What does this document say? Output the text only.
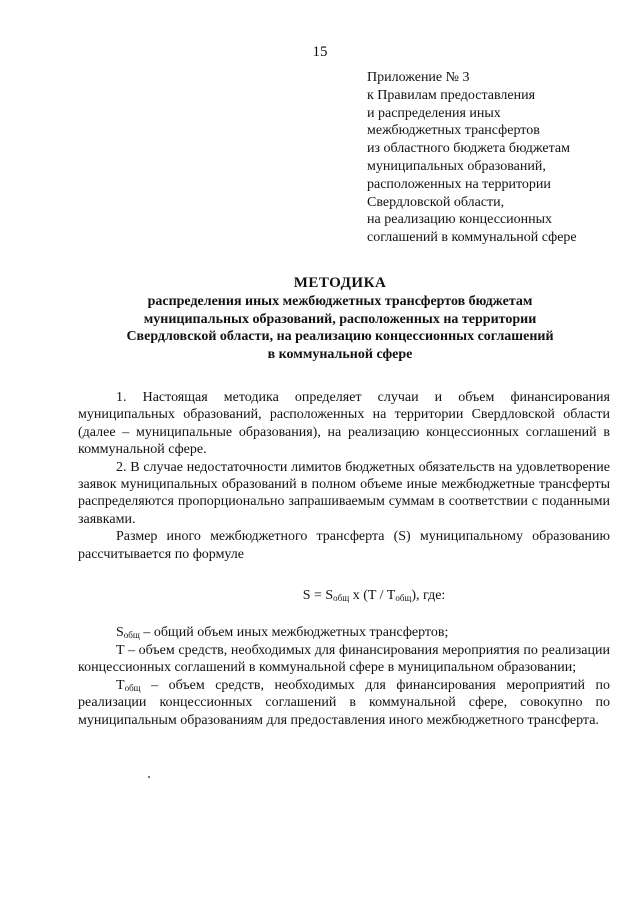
15
Приложение № 3
к Правилам предоставления
и распределения иных
межбюджетных трансфертов
из областного бюджета бюджетам
муниципальных образований,
расположенных на территории
Свердловской области,
на реализацию концессионных
соглашений в коммунальной сфере
МЕТОДИКА
распределения иных межбюджетных трансфертов бюджетам
муниципальных образований, расположенных на территории
Свердловской области, на реализацию концессионных соглашений
в коммунальной сфере

1. Настоящая методика определяет случаи и объем финансирования муниципальных образований, расположенных на территории Свердловской области (далее – муниципальные образования), на реализацию концессионных соглашений в коммунальной сфере.

2. В случае недостаточности лимитов бюджетных обязательств на удовлетворение заявок муниципальных образований в полном объеме иные межбюджетные трансферты распределяются пропорционально запрашиваемым суммам в соответствии с поданными заявками.

Размер иного межбюджетного трансферта (S) муниципальному образованию рассчитывается по формуле

$S = S_{общ}$ x $(T / T_{общ})$, где:

$S_{общ}$ – общий объем иных межбюджетных трансфертов;

T – объем средств, необходимых для финансирования мероприятия по реализации концессионных соглашений в коммунальной сфере в муниципальном образовании;

$T_{общ}$ – объем средств, необходимых для финансирования мероприятий по реализации концессионных соглашений в коммунальной сфере, совокупно по муниципальным образованиям для предоставления иного межбюджетного трансферта.
